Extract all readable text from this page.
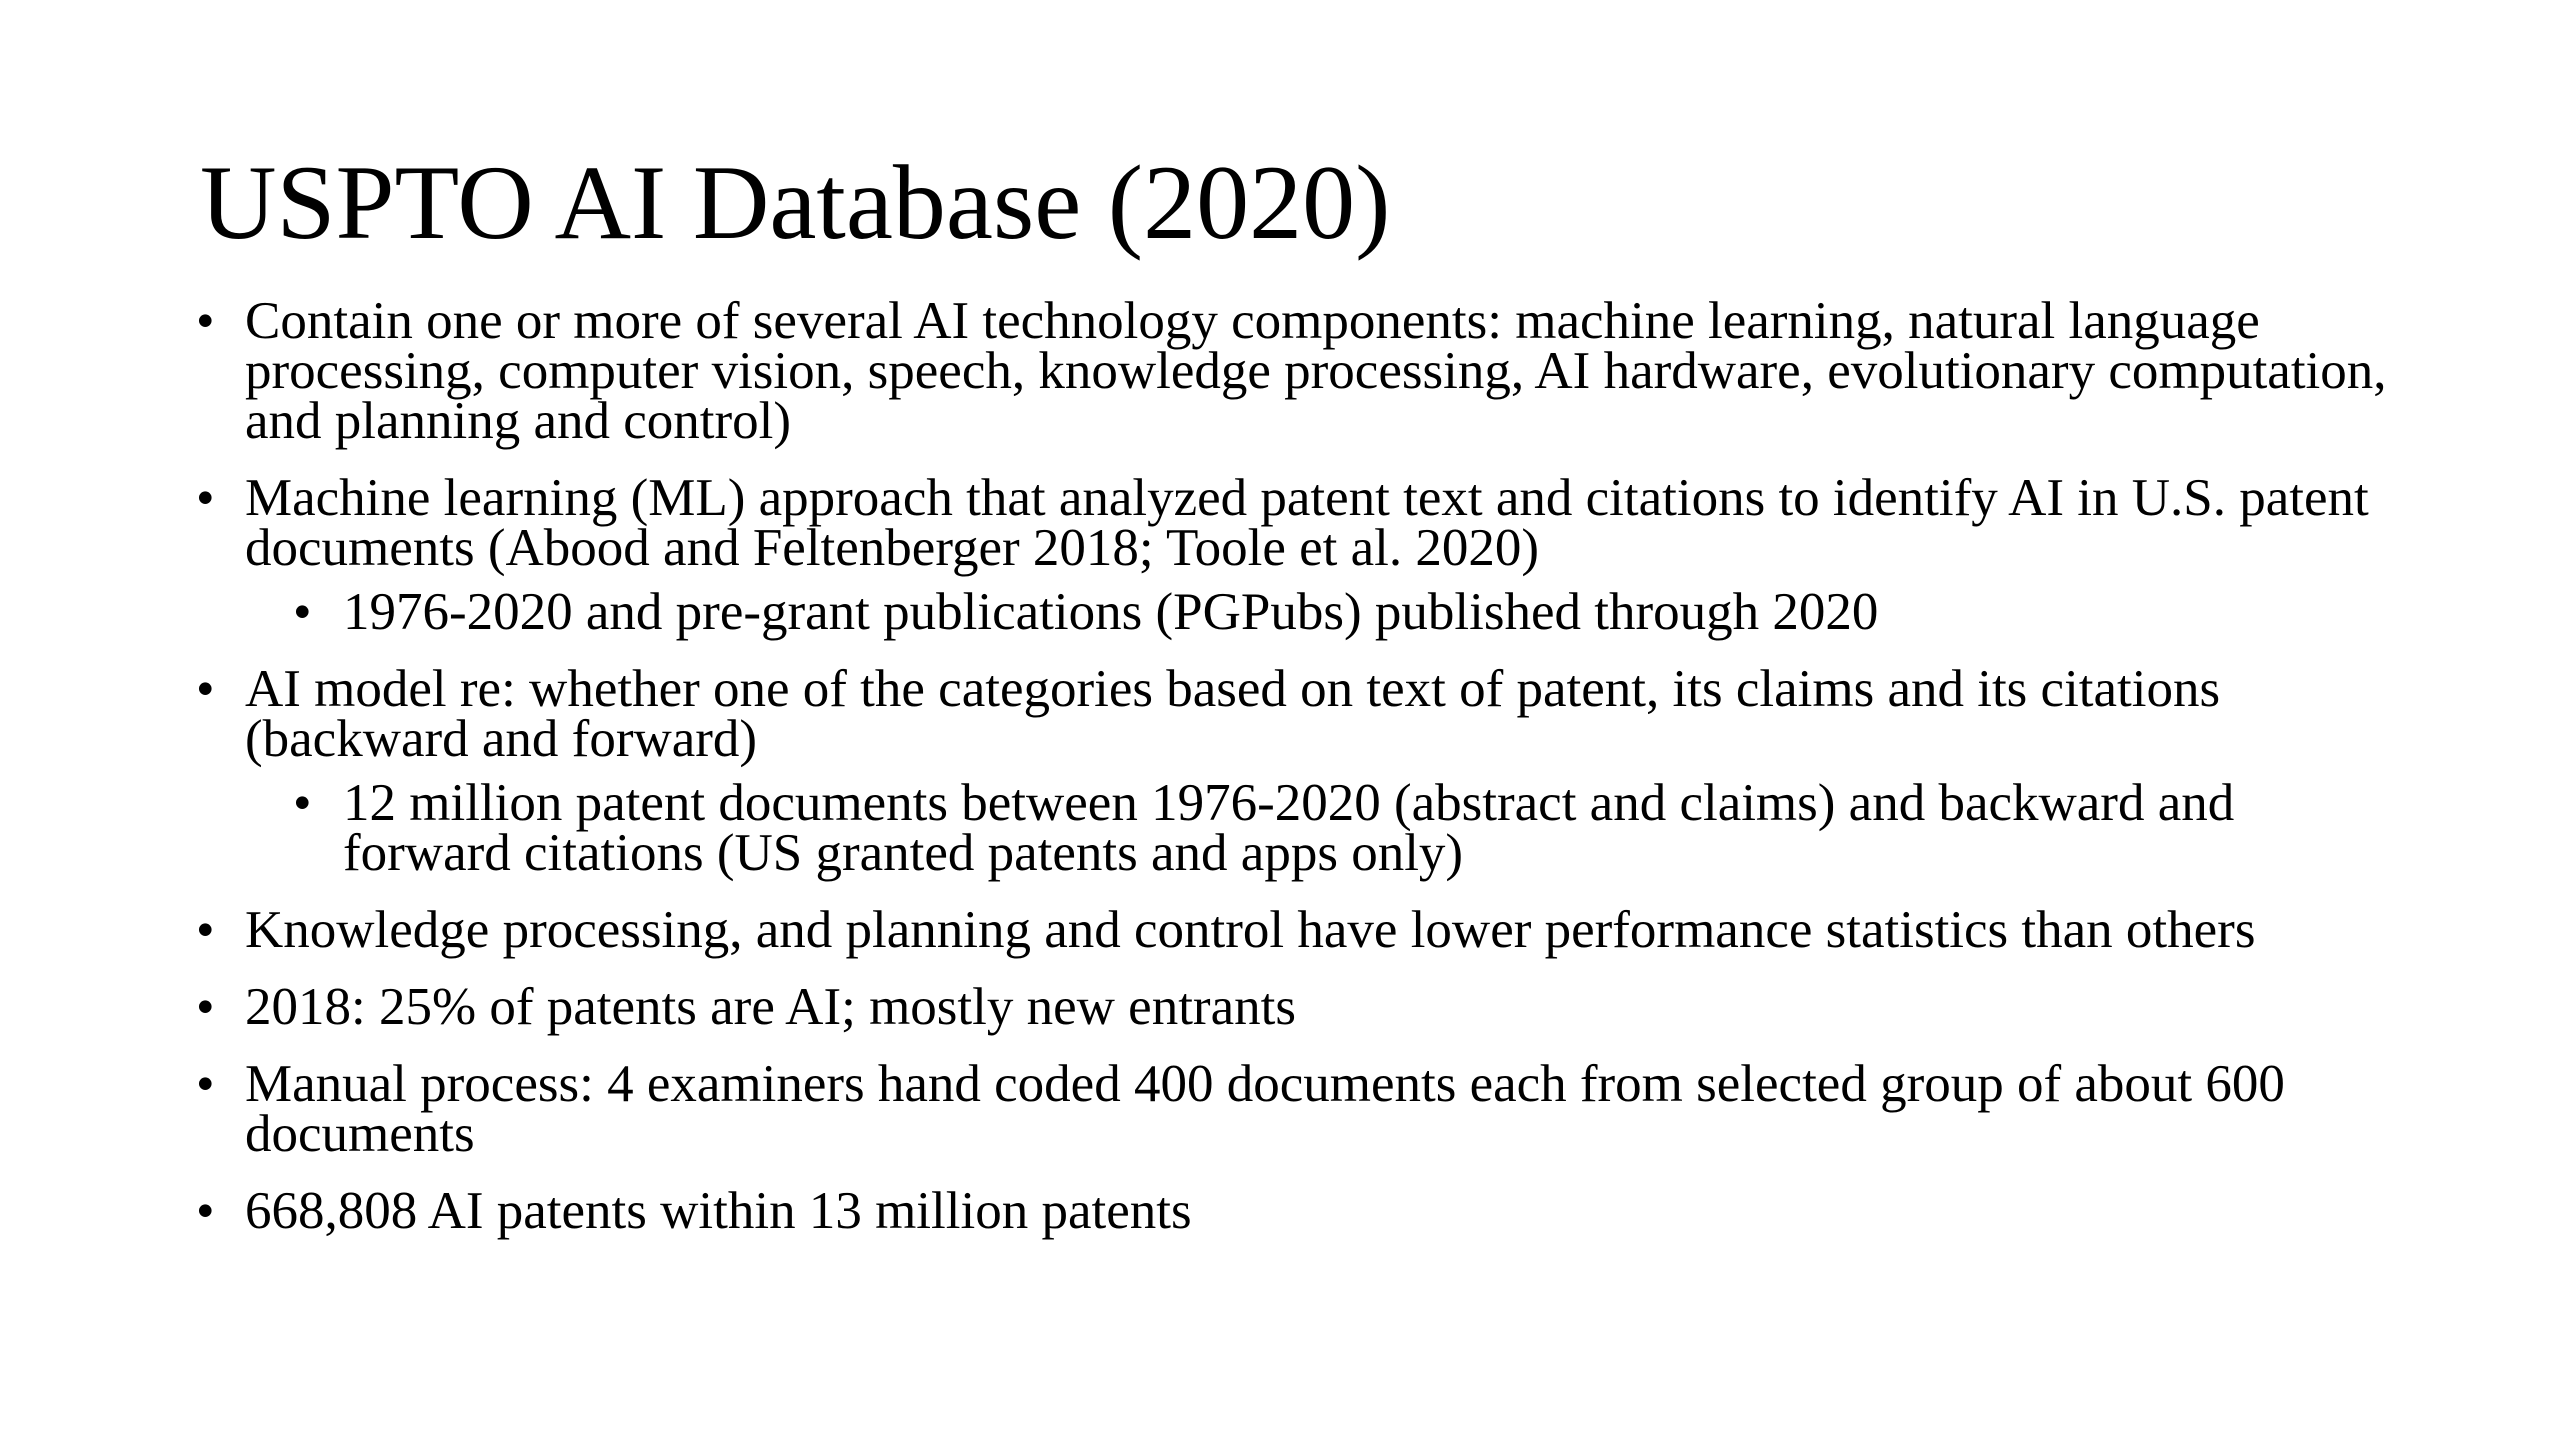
USPTO AI Database (2020)
• Contain one or more of several AI technology components: machine learning, natural language processing, computer vision, speech, knowledge processing, AI hardware, evolutionary computation, and planning and control)
• Machine learning (ML) approach that analyzed patent text and citations to identify AI in U.S. patent documents (Abood and Feltenberger 2018; Toole et al. 2020)
• 1976-2020 and pre-grant publications (PGPubs) published through 2020
• AI model re: whether one of the categories based on text of patent, its claims and its citations (backward and forward)
• 12 million patent documents between 1976-2020 (abstract and claims) and backward and forward citations (US granted patents and apps only)
• Knowledge processing, and planning and control have lower performance statistics than others
• 2018: 25% of patents are AI; mostly new entrants
• Manual process: 4 examiners hand coded 400 documents each from selected group of about 600 documents
• 668,808 AI patents within 13 million patents
